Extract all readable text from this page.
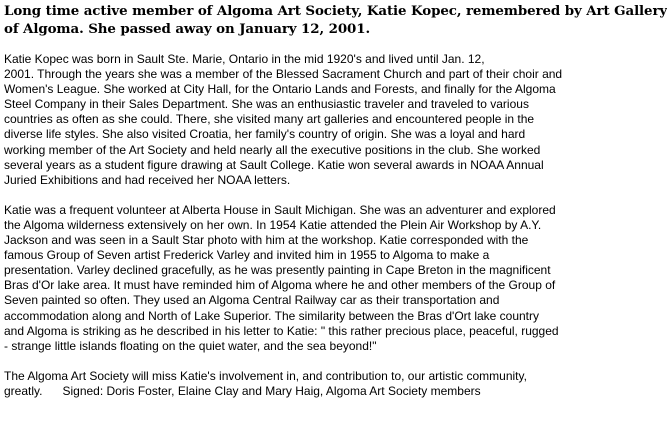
Long time active member of Algoma Art Society, Katie Kopec, remembered by Art Gallery
of Algoma. She passed away on January 12, 2001.

Katie Kopec was born in Sault Ste. Marie, Ontario in the mid 1920's and lived until Jan. 12,
2001. Through the years she was a member of the Blessed Sacrament Church and part of their choir and
Women's League. She worked at City Hall, for the Ontario Lands and Forests, and finally for the Algoma
Steel Company in their Sales Department. She was an enthusiastic traveler and traveled to various
countries as often as she could. There, she visited many art galleries and encountered people in the
diverse life styles. She also visited Croatia, her family's country of origin. She was a loyal and hard
working member of the Art Society and held nearly all the executive positions in the club. She worked
several years as a student figure drawing at Sault College. Katie won several awards in NOAA Annual
Juried Exhibitions and had received her NOAA letters.

Katie was a frequent volunteer at Alberta House in Sault Michigan. She was an adventurer and explored
the Algoma wilderness extensively on her own. In 1954 Katie attended the Plein Air Workshop by A.Y.
Jackson and was seen in a Sault Star photo with him at the workshop. Katie corresponded with the
famous Group of Seven artist Frederick Varley and invited him in 1955 to Algoma to make a
presentation. Varley declined gracefully, as he was presently painting in Cape Breton in the magnificent
Bras d'Or lake area. It must have reminded him of Algoma where he and other members of the Group of
Seven painted so often. They used an Algoma Central Railway car as their transportation and
accommodation along and North of Lake Superior. The similarity between the Bras d'Ort lake country
and Algoma is striking as he described in his letter to Katie: " this rather precious place, peaceful, rugged
- strange little islands floating on the quiet water, and the sea beyond!"

The Algoma Art Society will miss Katie's involvement in, and contribution to, our artistic community,
greatly. Signed: Doris Foster, Elaine Clay and Mary Haig, Algoma Art Society members
